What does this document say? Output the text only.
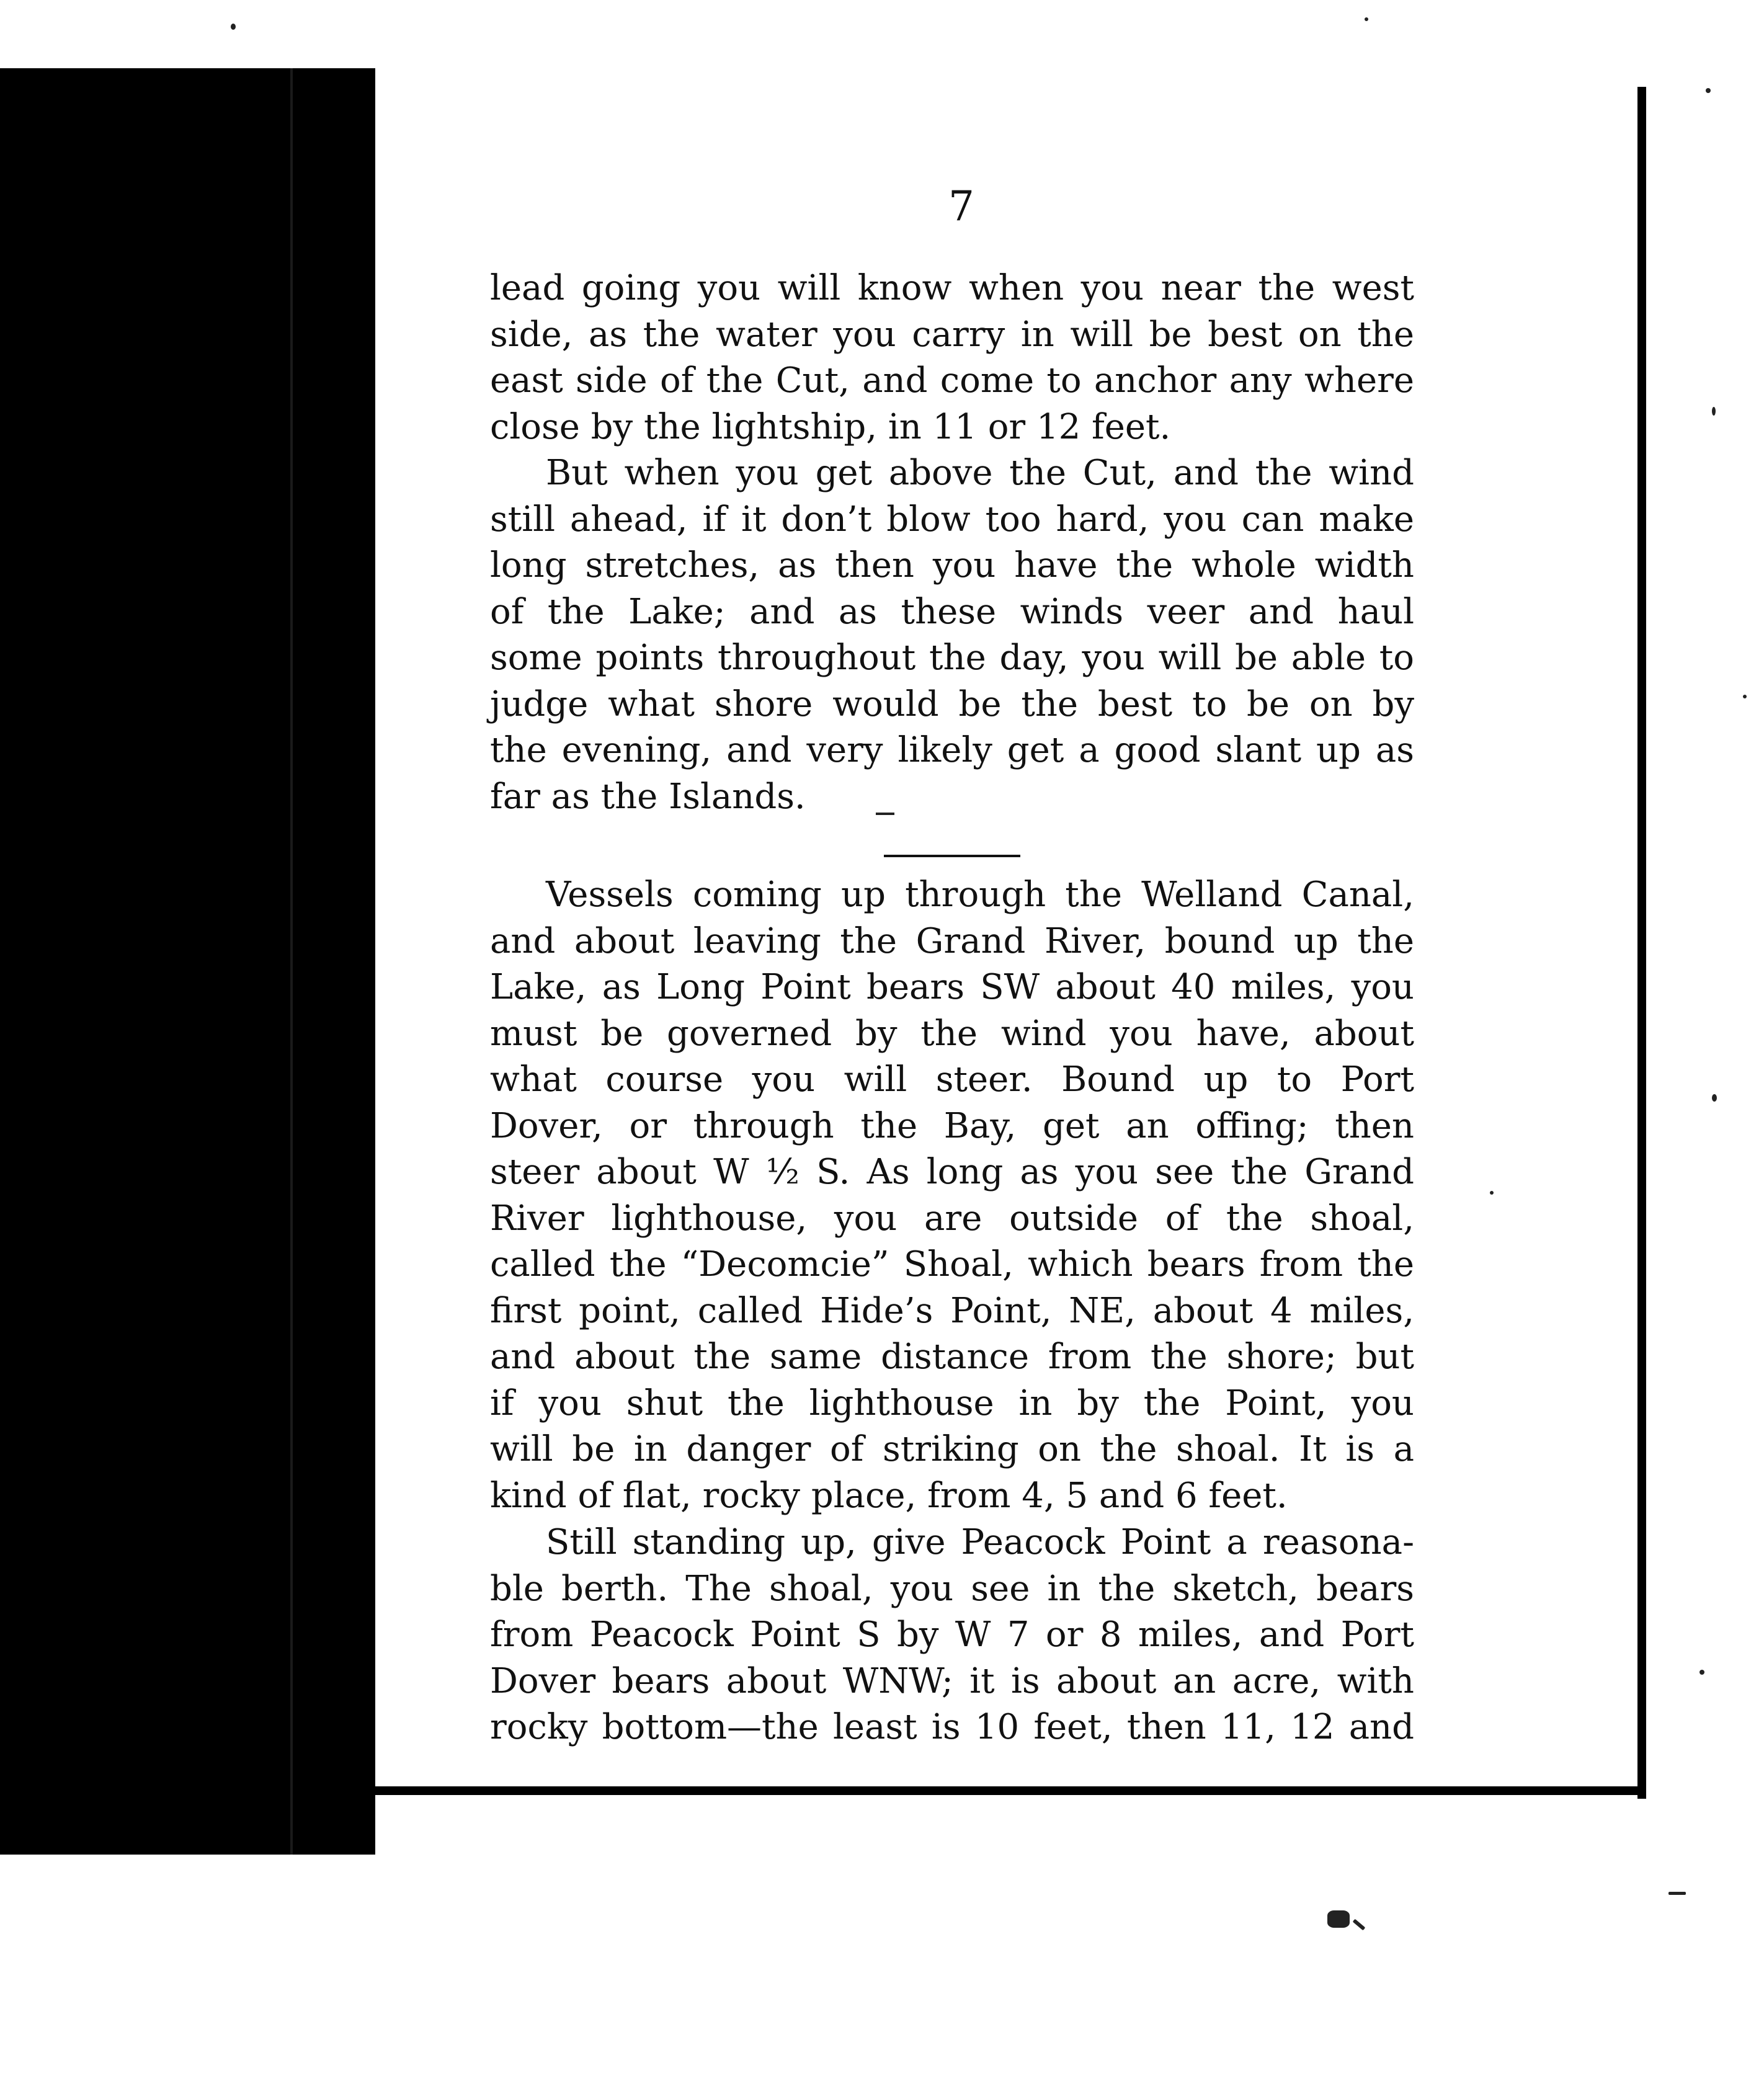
7
lead going you will know when you near the west
side, as the water you carry in will be best on the
east side of the Cut, and come to anchor any where
close by the lightship, in 11 or 12 feet.
But when you get above the Cut, and the wind
still ahead, if it don’t blow too hard, you can make
long stretches, as then you have the whole width
of the Lake; and as these winds veer and haul
some points throughout the day, you will be able to
judge what shore would be the best to be on by
the evening, and very likely get a good slant up as
far as the Islands.
Vessels coming up through the Welland Canal,
and about leaving the Grand River, bound up the
Lake, as Long Point bears SW about 40 miles, you
must be governed by the wind you have, about
what course you will steer. Bound up to Port
Dover, or through the Bay, get an offing; then
steer about W ½ S. As long as you see the Grand
River lighthouse, you are outside of the shoal,
called the “Decomcie” Shoal, which bears from the
first point, called Hide’s Point, NE, about 4 miles,
and about the same distance from the shore; but
if you shut the lighthouse in by the Point, you
will be in danger of striking on the shoal. It is a
kind of flat, rocky place, from 4, 5 and 6 feet.
Still standing up, give Peacock Point a reasona-
ble berth. The shoal, you see in the sketch, bears
from Peacock Point S by W 7 or 8 miles, and Port
Dover bears about WNW; it is about an acre, with
rocky bottom—the least is 10 feet, then 11, 12 and
